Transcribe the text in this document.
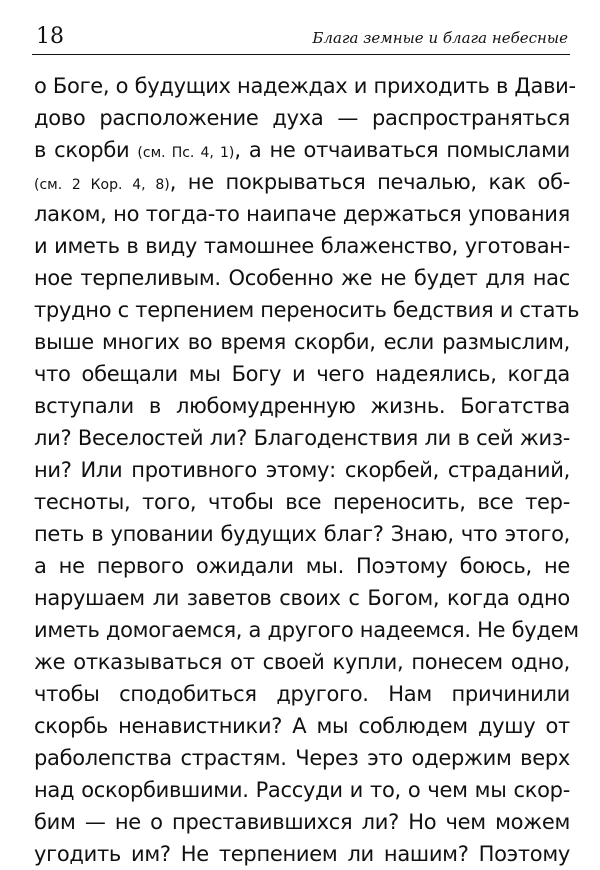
18	Блага земные и блага небесные
о Боге, о будущих надеждах и приходить в Дави-
дово расположение духа — распространяться
в скорби (см. Пс. 4, 1), а не отчаиваться помыслами
(см. 2 Кор. 4, 8), не покрываться печалью, как об-
лаком, но тогда-то наипаче держаться упования
и иметь в виду тамошнее блаженство, уготован-
ное терпеливым. Особенно же не будет для нас
трудно с терпением переносить бедствия и стать
выше многих во время скорби, если размыслим,
что обещали мы Богу и чего надеялись, когда
вступали в любомудренную жизнь. Богатства
ли? Веселостей ли? Благоденствия ли в сей жиз-
ни? Или противного этому: скорбей, страданий,
тесноты, того, чтобы все переносить, все тер-
петь в уповании будущих благ? Знаю, что этого,
а не первого ожидали мы. Поэтому боюсь, не
нарушаем ли заветов своих с Богом, когда одно
иметь домогаемся, а другого надеемся. Не будем
же отказываться от своей купли, понесем одно,
чтобы сподобиться другого. Нам причинили
скорбь ненавистники? А мы соблюдем душу от
раболепства страстям. Через это одержим верх
над оскорбившими. Рассуди и то, о чем мы скор-
бим — не о преставившихся ли? Но чем можем
угодить им? Не терпением ли нашим? Поэтому
